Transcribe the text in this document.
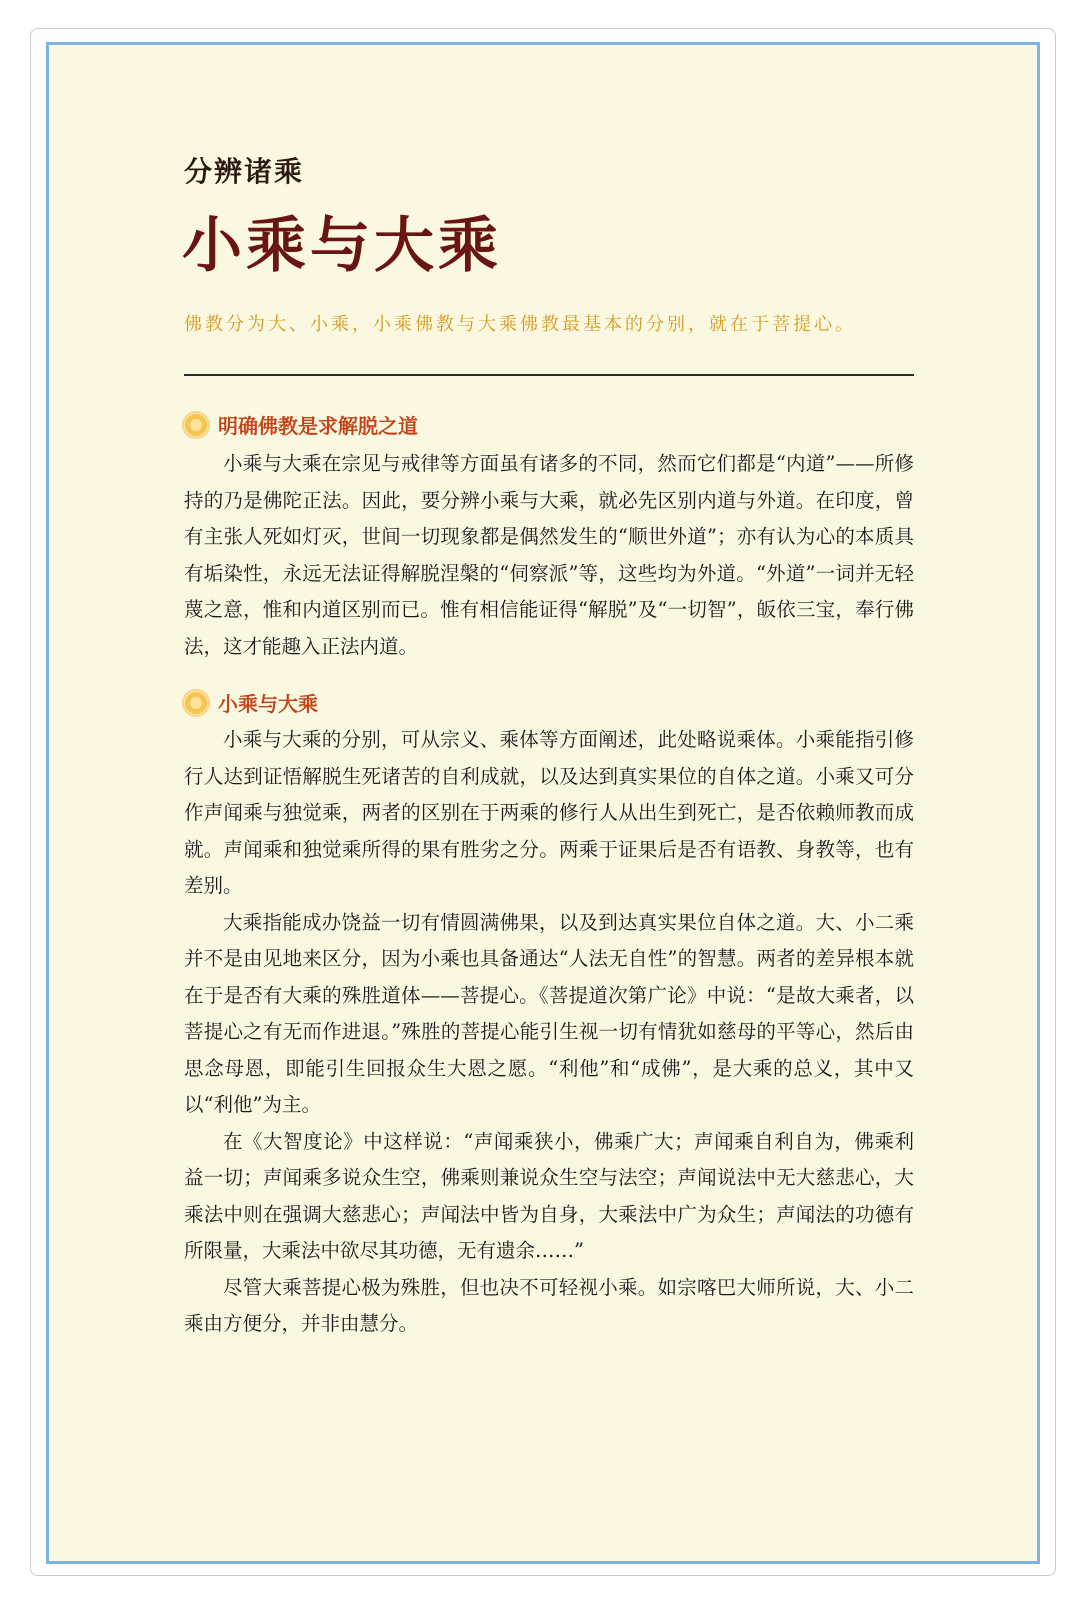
分辨诸乘
小乘与大乘
佛教分为大、小乘，小乘佛教与大乘佛教最基本的分别，就在于菩提心。
明确佛教是求解脱之道

小乘与大乘在宗见与戒律等方面虽有诸多的不同，然而它们都是“内道”——所修持的乃是佛陀正法。因此，要分辨小乘与大乘，就必先区别内道与外道。在印度，曾有主张人死如灯灭，世间一切现象都是偶然发生的“顺世外道”；亦有认为心的本质具有垢染性，永远无法证得解脱涅槃的“伺察派”等，这些均为外道。“外道”一词并无轻蔑之意，惟和内道区别而已。惟有相信能证得“解脱”及“一切智”，皈依三宝，奉行佛法，这才能趣入正法内道。

小乘与大乘

小乘与大乘的分别，可从宗义、乘体等方面阐述，此处略说乘体。小乘能指引修行人达到证悟解脱生死诸苦的自利成就，以及达到真实果位的自体之道。小乘又可分作声闻乘与独觉乘，两者的区别在于两乘的修行人从出生到死亡，是否依赖师教而成就。声闻乘和独觉乘所得的果有胜劣之分。两乘于证果后是否有语教、身教等，也有差别。

大乘指能成办饶益一切有情圆满佛果，以及到达真实果位自体之道。大、小二乘并不是由见地来区分，因为小乘也具备通达“人法无自性”的智慧。两者的差异根本就在于是否有大乘的殊胜道体——菩提心。《菩提道次第广论》中说：“是故大乘者，以菩提心之有无而作进退。”殊胜的菩提心能引生视一切有情犹如慈母的平等心，然后由思念母恩，即能引生回报众生大恩之愿。“利他”和“成佛”，是大乘的总义，其中又以“利他”为主。

在《大智度论》中这样说：“声闻乘狭小，佛乘广大；声闻乘自利自为，佛乘利益一切；声闻乘多说众生空，佛乘则兼说众生空与法空；声闻说法中无大慈悲心，大乘法中则在强调大慈悲心；声闻法中皆为自身，大乘法中广为众生；声闻法的功德有所限量，大乘法中欲尽其功德，无有遗余……”

尽管大乘菩提心极为殊胜，但也决不可轻视小乘。如宗喀巴大师所说，大、小二乘由方便分，并非由慧分。
